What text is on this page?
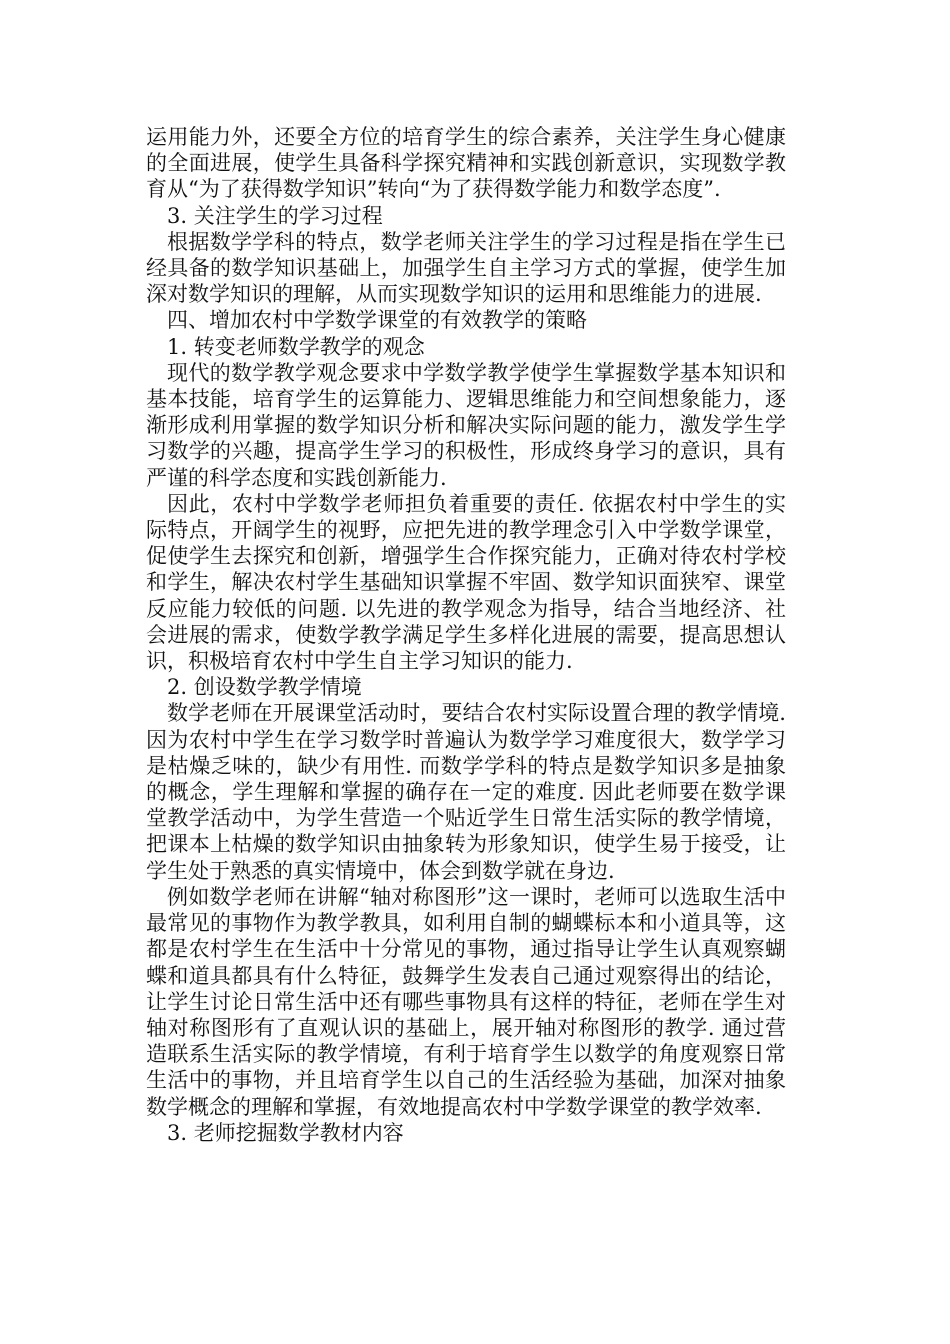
运用能力外，还要全方位的培育学生的综合素养，关注学生身心健康的全面进展，使学生具备科学探究精神和实践创新意识，实现数学教育从“为了获得数学知识”转向“为了获得数学能力和数学态度”.

3. 关注学生的学习过程

根据数学学科的特点，数学老师关注学生的学习过程是指在学生已经具备的数学知识基础上，加强学生自主学习方式的掌握，使学生加深对数学知识的理解，从而实现数学知识的运用和思维能力的进展.

四、增加农村中学数学课堂的有效教学的策略

1. 转变老师数学教学的观念

现代的数学教学观念要求中学数学教学使学生掌握数学基本知识和基本技能，培育学生的运算能力、逻辑思维能力和空间想象能力，逐渐形成利用掌握的数学知识分析和解决实际问题的能力，激发学生学习数学的兴趣，提高学生学习的积极性，形成终身学习的意识，具有严谨的科学态度和实践创新能力.

因此，农村中学数学老师担负着重要的责任. 依据农村中学生的实际特点，开阔学生的视野，应把先进的教学理念引入中学数学课堂，促使学生去探究和创新，增强学生合作探究能力，正确对待农村学校和学生，解决农村学生基础知识掌握不牢固、数学知识面狭窄、课堂反应能力较低的问题. 以先进的教学观念为指导，结合当地经济、社会进展的需求，使数学教学满足学生多样化进展的需要，提高思想认识，积极培育农村中学生自主学习知识的能力.

2. 创设数学教学情境

数学老师在开展课堂活动时，要结合农村实际设置合理的教学情境. 因为农村中学生在学习数学时普遍认为数学学习难度很大，数学学习是枯燥乏味的，缺少有用性. 而数学学科的特点是数学知识多是抽象的概念，学生理解和掌握的确存在一定的难度. 因此老师要在数学课堂教学活动中，为学生营造一个贴近学生日常生活实际的教学情境，把课本上枯燥的数学知识由抽象转为形象知识，使学生易于接受，让学生处于熟悉的真实情境中，体会到数学就在身边.

例如数学老师在讲解“轴对称图形”这一课时，老师可以选取生活中最常见的事物作为教学教具，如利用自制的蝴蝶标本和小道具等，这都是农村学生在生活中十分常见的事物，通过指导让学生认真观察蝴蝶和道具都具有什么特征，鼓舞学生发表自己通过观察得出的结论，让学生讨论日常生活中还有哪些事物具有这样的特征，老师在学生对轴对称图形有了直观认识的基础上，展开轴对称图形的教学. 通过营造联系生活实际的教学情境，有利于培育学生以数学的角度观察日常生活中的事物，并且培育学生以自己的生活经验为基础，加深对抽象数学概念的理解和掌握，有效地提高农村中学数学课堂的教学效率.

3. 老师挖掘数学教材内容
